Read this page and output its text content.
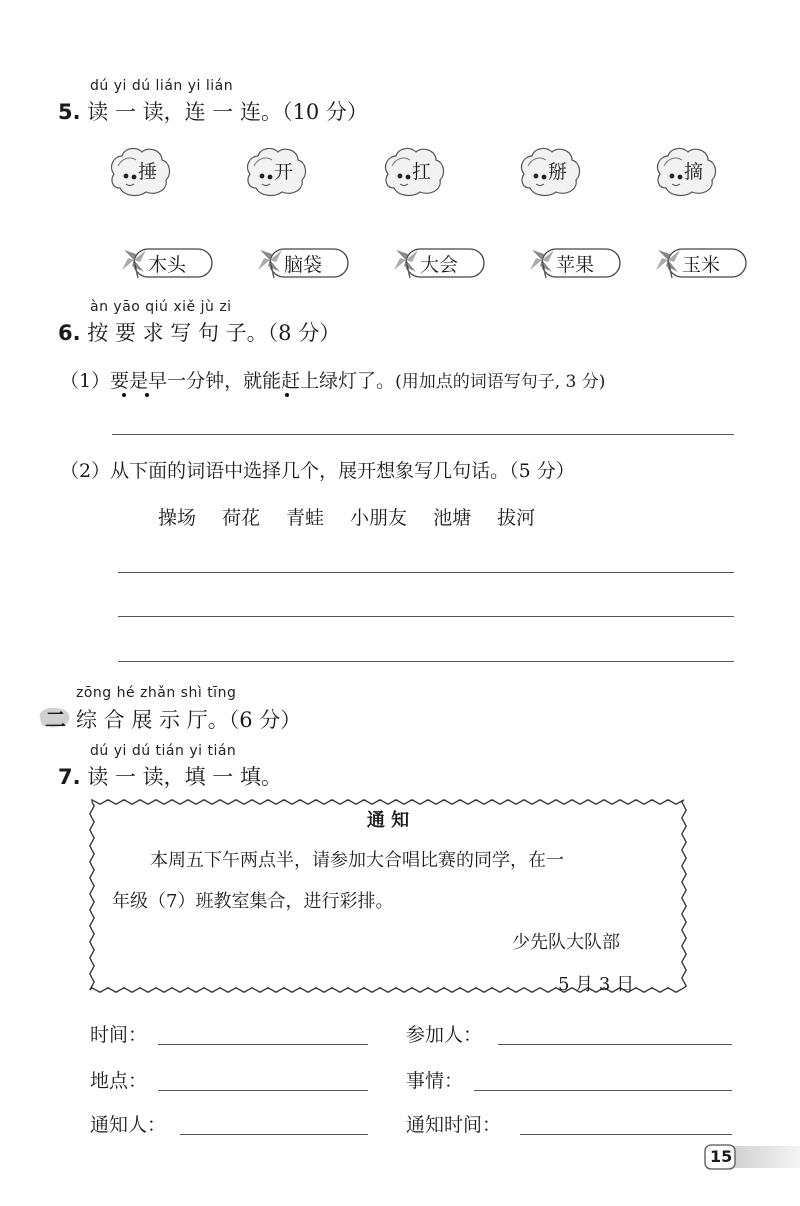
dú yi dú lián yi lián
5. 读 一 读，连 一 连。（10 分）
捶	开	扛	掰	摘
木头	脑袋	大会	苹果	玉米
àn yāo qiú xiě jù zi
6. 按 要 求 写 句 子。（8 分）
（1）要是早一分钟，就能赶上绿灯了。(用加点的词语写句子, 3 分)
（2）从下面的词语中选择几个，展开想象写几句话。（5 分）
操场 荷花 青蛙 小朋友 池塘 拔河
zōng hé zhǎn shì tīng
二 综 合 展 示 厅。（6 分）
dú yi dú tián yi tián
7. 读 一 读，填 一 填。
通 知
本周五下午两点半，请参加大合唱比赛的同学，在一
年级（7）班教室集合，进行彩排。
少先队大队部
5 月 3 日
时间：	参加人：
地点：	事情：
通知人：	通知时间：
15
